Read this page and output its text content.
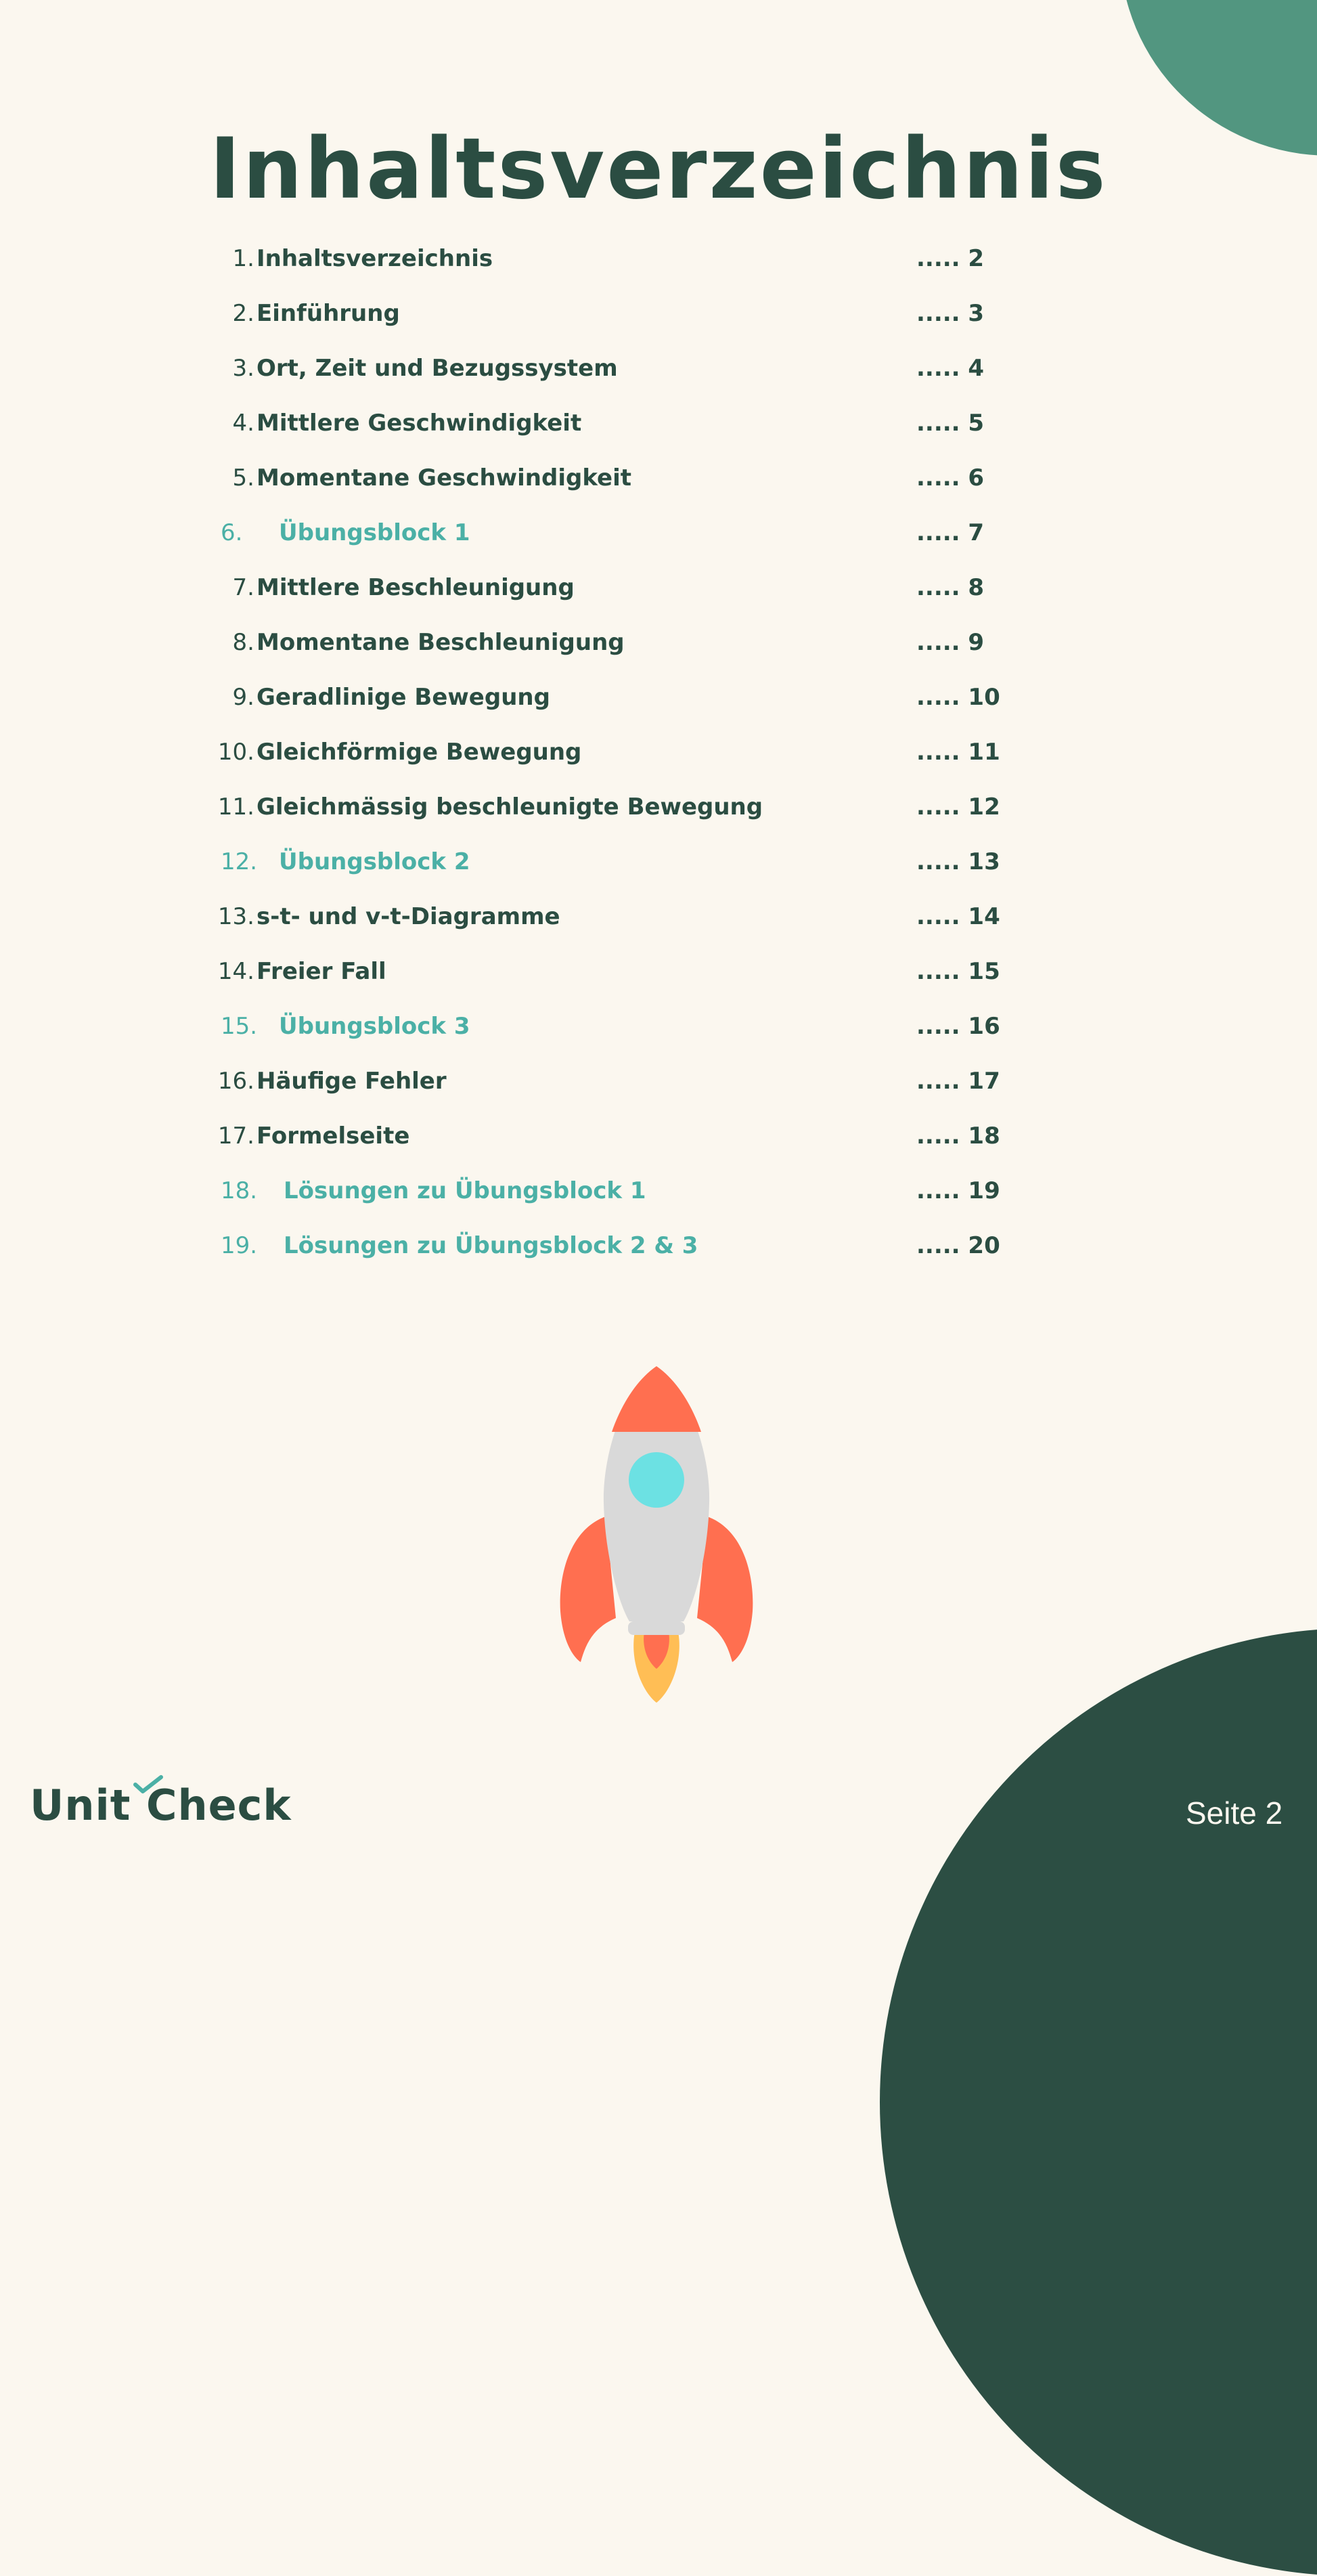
Inhaltsverzeichnis
1. Inhaltsverzeichnis	..... 2
2. Einführung	..... 3
3. Ort, Zeit und Bezugssystem	..... 4
4. Mittlere Geschwindigkeit	..... 5
5. Momentane Geschwindigkeit	..... 6
6. Übungsblock 1	..... 7
7. Mittlere Beschleunigung	..... 8
8. Momentane Beschleunigung	..... 9
9. Geradlinige Bewegung	..... 10
10. Gleichförmige Bewegung	..... 11
11. Gleichmässig beschleunigte Bewegung	..... 12
12. Übungsblock 2	..... 13
13. s-t- und v-t-Diagramme	..... 14
14. Freier Fall	..... 15
15. Übungsblock 3	..... 16
16. Häufige Fehler	..... 17
17. Formelseite	..... 18
18. Lösungen zu Übungsblock 1	..... 19
19. Lösungen zu Übungsblock 2 & 3	..... 20
Unit Check	Seite 2
